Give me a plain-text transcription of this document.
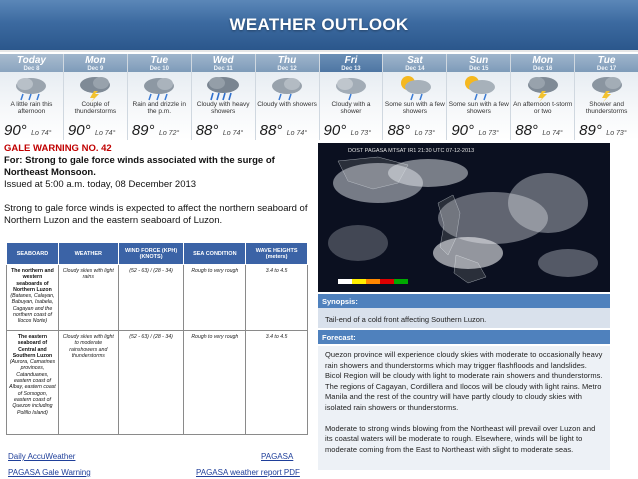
WEATHER OUTLOOK
Today
Dec 8
A little rain this afternoon
90° Lo 74°
Mon
Dec 9
Couple of thunderstorms
90° Lo 74°
Tue
Dec 10
Rain and drizzle in the p.m.
89° Lo 72°
Wed
Dec 11
Cloudy with heavy showers
88° Lo 74°
Thu
Dec 12
Cloudy with showers
88° Lo 74°
Fri
Dec 13
Cloudy with a shower
90° Lo 73°
Sat
Dec 14
Some sun with a few showers
88° Lo 73°
Sun
Dec 15
Some sun with a few showers
90° Lo 73°
Mon
Dec 16
An afternoon t-storm or two
88° Lo 74°
Tue
Dec 17
Shower and thunderstorms
89° Lo 73°
GALE WARNING NO. 42
For: Strong to gale force winds associated with the surge of Northeast Monsoon.
Issued at 5:00 a.m. today, 08 December 2013

Strong to gale force winds is expected to affect the northern seaboard of Northern Luzon and the eastern seaboard of Luzon.

SEABOARD	WEATHER	WIND FORCE (KPH)(KNOTS)	SEA CONDITION	WAVE HEIGHTS (meters)
The northern and western seaboards of Northern Luzon (Batanes, Calayan, Babuyan, Isabela, Cagayan and the northern coast of Ilocos Norte)	Cloudy skies with light rains	(52 - 63) / (28 - 34)	Rough to very rough	3.4 to 4.5
The eastern seaboard of Central and Southern Luzon (Aurora, Camarines provinces, Catanduanes, eastern coast of Albay, eastern coast of Sorsogon, eastern coast of Quezon including Polillo Island)	Cloudy skies with light to moderate rainshowers and thunderstorms	(52 - 63) / (28 - 34)	Rough to very rough	3.4 to 4.5
Daily AccuWeather	PAGASA
PAGASA Gale Warning	PAGASA weather report PDF
DOST PAGASA MTSAT IR1 21:30 UTC 07-12-2013
Synopsis:
Tail-end of a cold front affecting Southern Luzon.
Forecast:

Quezon province will experience cloudy skies with moderate to occasionally heavy rain showers and thunderstorms which may trigger flashfloods and landslides. Bicol Region will be cloudy with light to moderate rain showers and thunderstorms. The regions of Cagayan, Cordillera and Ilocos will be cloudy with light rains. Metro Manila and the rest of the country will have partly cloudy to cloudy skies with isolated rain showers or thunderstorms.

Moderate to strong winds blowing from the Northeast will prevail over Luzon and its coastal waters will be moderate to rough. Elsewhere, winds will be light to moderate coming from the East to Northeast with slight to moderate seas.
